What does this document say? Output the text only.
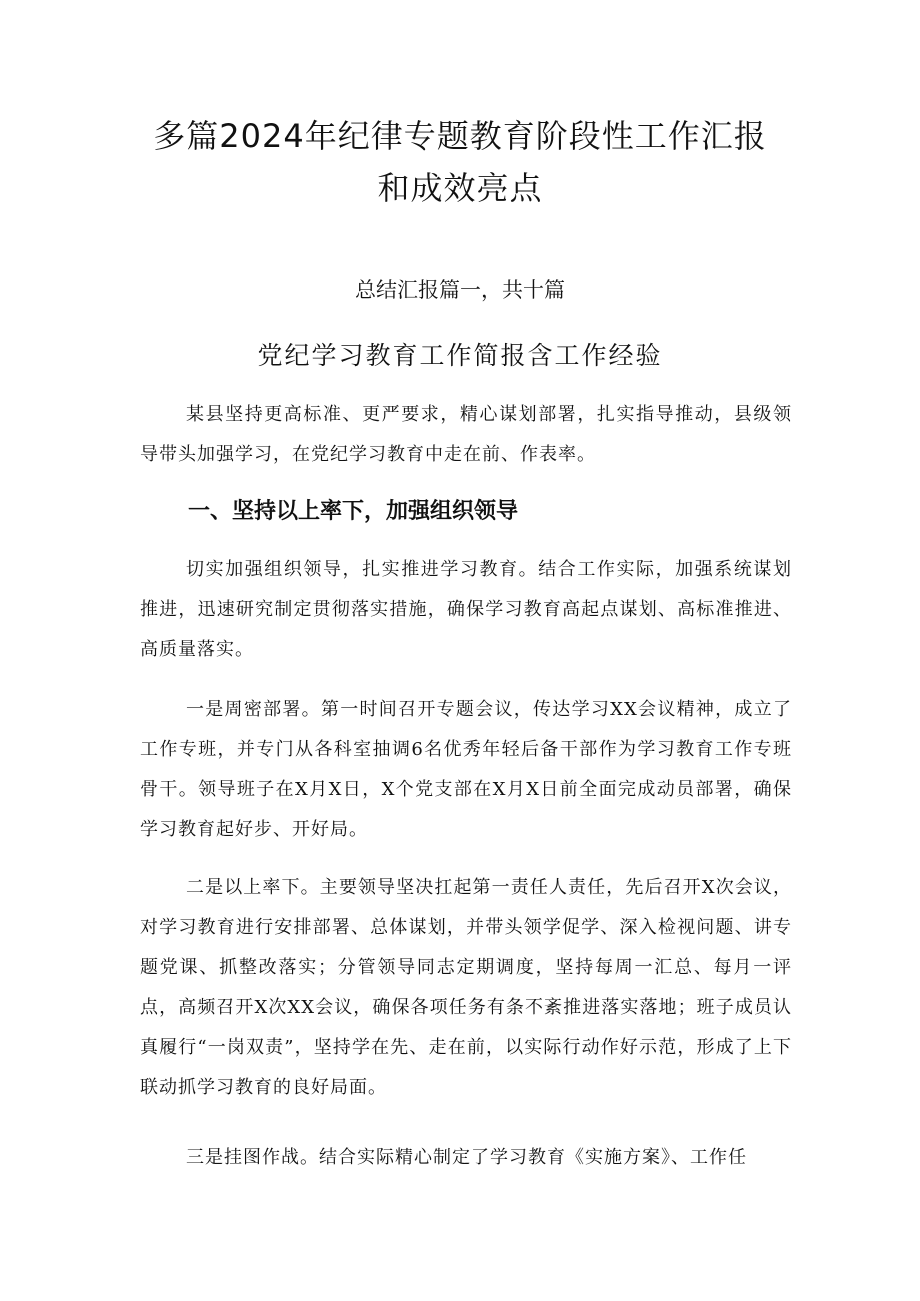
多篇2024年纪律专题教育阶段性工作汇报
和成效亮点
总结汇报篇一，共十篇
党纪学习教育工作简报含工作经验
某县坚持更高标准、更严要求，精心谋划部署，扎实指导推动，县级领导带头加强学习，在党纪学习教育中走在前、作表率。
一、坚持以上率下，加强组织领导
切实加强组织领导，扎实推进学习教育。结合工作实际，加强系统谋划推进，迅速研究制定贯彻落实措施，确保学习教育高起点谋划、高标准推进、高质量落实。
一是周密部署。第一时间召开专题会议，传达学习XX会议精神，成立了工作专班，并专门从各科室抽调6名优秀年轻后备干部作为学习教育工作专班骨干。领导班子在X月X日，X个党支部在X月X日前全面完成动员部署，确保学习教育起好步、开好局。
二是以上率下。主要领导坚决扛起第一责任人责任，先后召开X次会议，对学习教育进行安排部署、总体谋划，并带头领学促学、深入检视问题、讲专题党课、抓整改落实；分管领导同志定期调度，坚持每周一汇总、每月一评点，高频召开X次XX会议，确保各项任务有条不紊推进落实落地；班子成员认真履行“一岗双责”，坚持学在先、走在前，以实际行动作好示范，形成了上下联动抓学习教育的良好局面。
三是挂图作战。结合实际精心制定了学习教育《实施方案》、工作任
